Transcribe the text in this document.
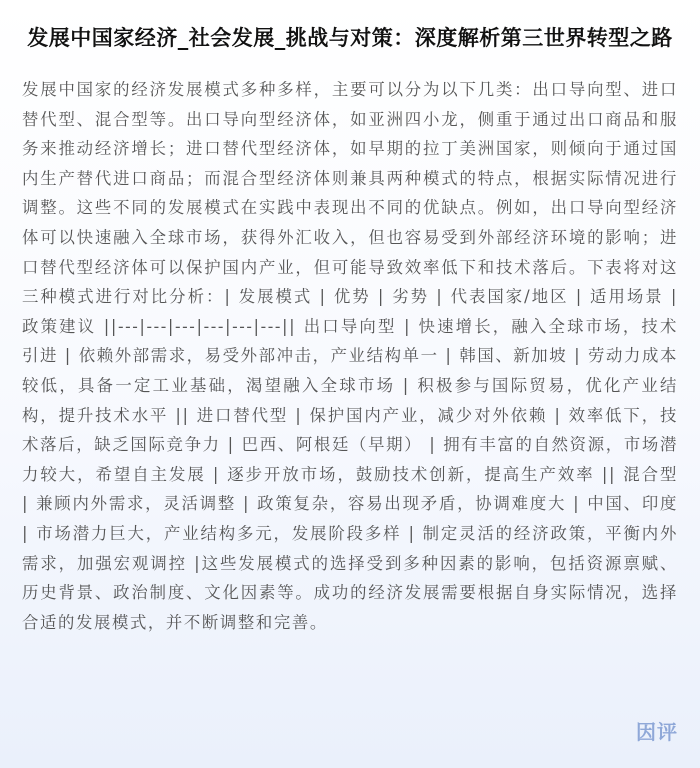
发展中国家经济_社会发展_挑战与对策：深度解析第三世界转型之路

发展中国家的经济发展模式多种多样，主要可以分为以下几类：出口导向型、进口替代型、混合型等。出口导向型经济体，如亚洲四小龙，侧重于通过出口商品和服务来推动经济增长；进口替代型经济体，如早期的拉丁美洲国家，则倾向于通过国内生产替代进口商品；而混合型经济体则兼具两种模式的特点，根据实际情况进行调整。这些不同的发展模式在实践中表现出不同的优缺点。例如，出口导向型经济体可以快速融入全球市场，获得外汇收入，但也容易受到外部经济环境的影响；进口替代型经济体可以保护国内产业，但可能导致效率低下和技术落后。下表将对这三种模式进行对比分析：| 发展模式 | 优势 | 劣势 | 代表国家/地区 | 适用场景 | 政策建议 ||---|---|---|---|---|---|| 出口导向型 | 快速增长，融入全球市场，技术引进 | 依赖外部需求，易受外部冲击，产业结构单一 | 韩国、新加坡 | 劳动力成本较低，具备一定工业基础，渴望融入全球市场 | 积极参与国际贸易，优化产业结构，提升技术水平 || 进口替代型 | 保护国内产业，减少对外依赖 | 效率低下，技术落后，缺乏国际竞争力 | 巴西、阿根廷（早期） | 拥有丰富的自然资源，市场潜力较大，希望自主发展 | 逐步开放市场，鼓励技术创新，提高生产效率 || 混合型 | 兼顾内外需求，灵活调整 | 政策复杂，容易出现矛盾，协调难度大 | 中国、印度 | 市场潜力巨大，产业结构多元，发展阶段多样 | 制定灵活的经济政策，平衡内外需求，加强宏观调控 |这些发展模式的选择受到多种因素的影响，包括资源禀赋、历史背景、政治制度、文化因素等。成功的经济发展需要根据自身实际情况，选择合适的发展模式，并不断调整和完善。

因评
